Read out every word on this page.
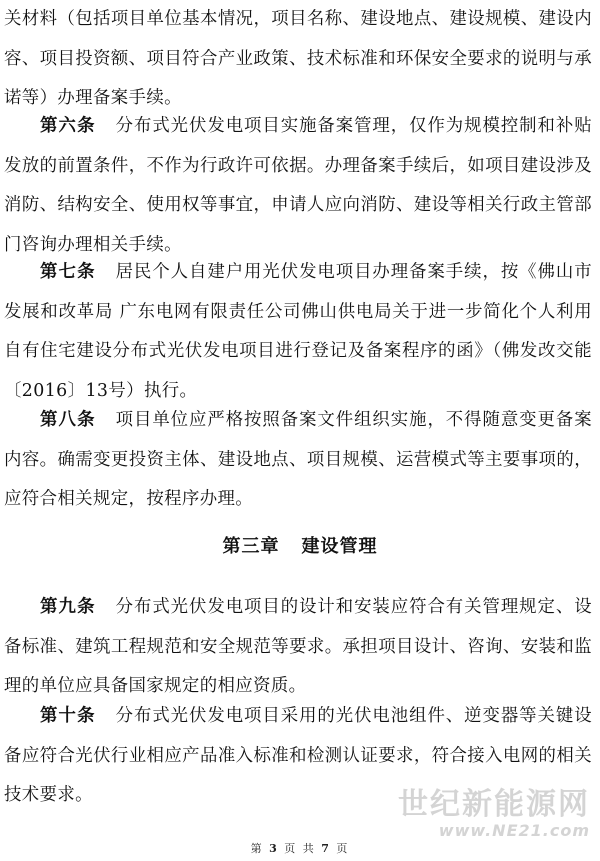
关材料（包括项目单位基本情况，项目名称、建设地点、建设规模、建设内容、项目投资额、项目符合产业政策、技术标准和环保安全要求的说明与承诺等）办理备案手续。

第六条 分布式光伏发电项目实施备案管理，仅作为规模控制和补贴发放的前置条件，不作为行政许可依据。办理备案手续后，如项目建设涉及消防、结构安全、使用权等事宜，申请人应向消防、建设等相关行政主管部门咨询办理相关手续。

第七条 居民个人自建户用光伏发电项目办理备案手续，按《佛山市发展和改革局 广东电网有限责任公司佛山供电局关于进一步简化个人利用自有住宅建设分布式光伏发电项目进行登记及备案程序的函》（佛发改交能〔2016〕13号）执行。

第八条 项目单位应严格按照备案文件组织实施，不得随意变更备案内容。确需变更投资主体、建设地点、项目规模、运营模式等主要事项的，应符合相关规定，按程序办理。

第三章 建设管理

第九条 分布式光伏发电项目的设计和安装应符合有关管理规定、设备标准、建筑工程规范和安全规范等要求。承担项目设计、咨询、安装和监理的单位应具备国家规定的相应资质。

第十条 分布式光伏发电项目采用的光伏电池组件、逆变器等关键设备应符合光伏行业相应产品准入标准和检测认证要求，符合接入电网的相关技术要求。	世纪新能源网
www.NE21.com
第 3 页 共 7 页
